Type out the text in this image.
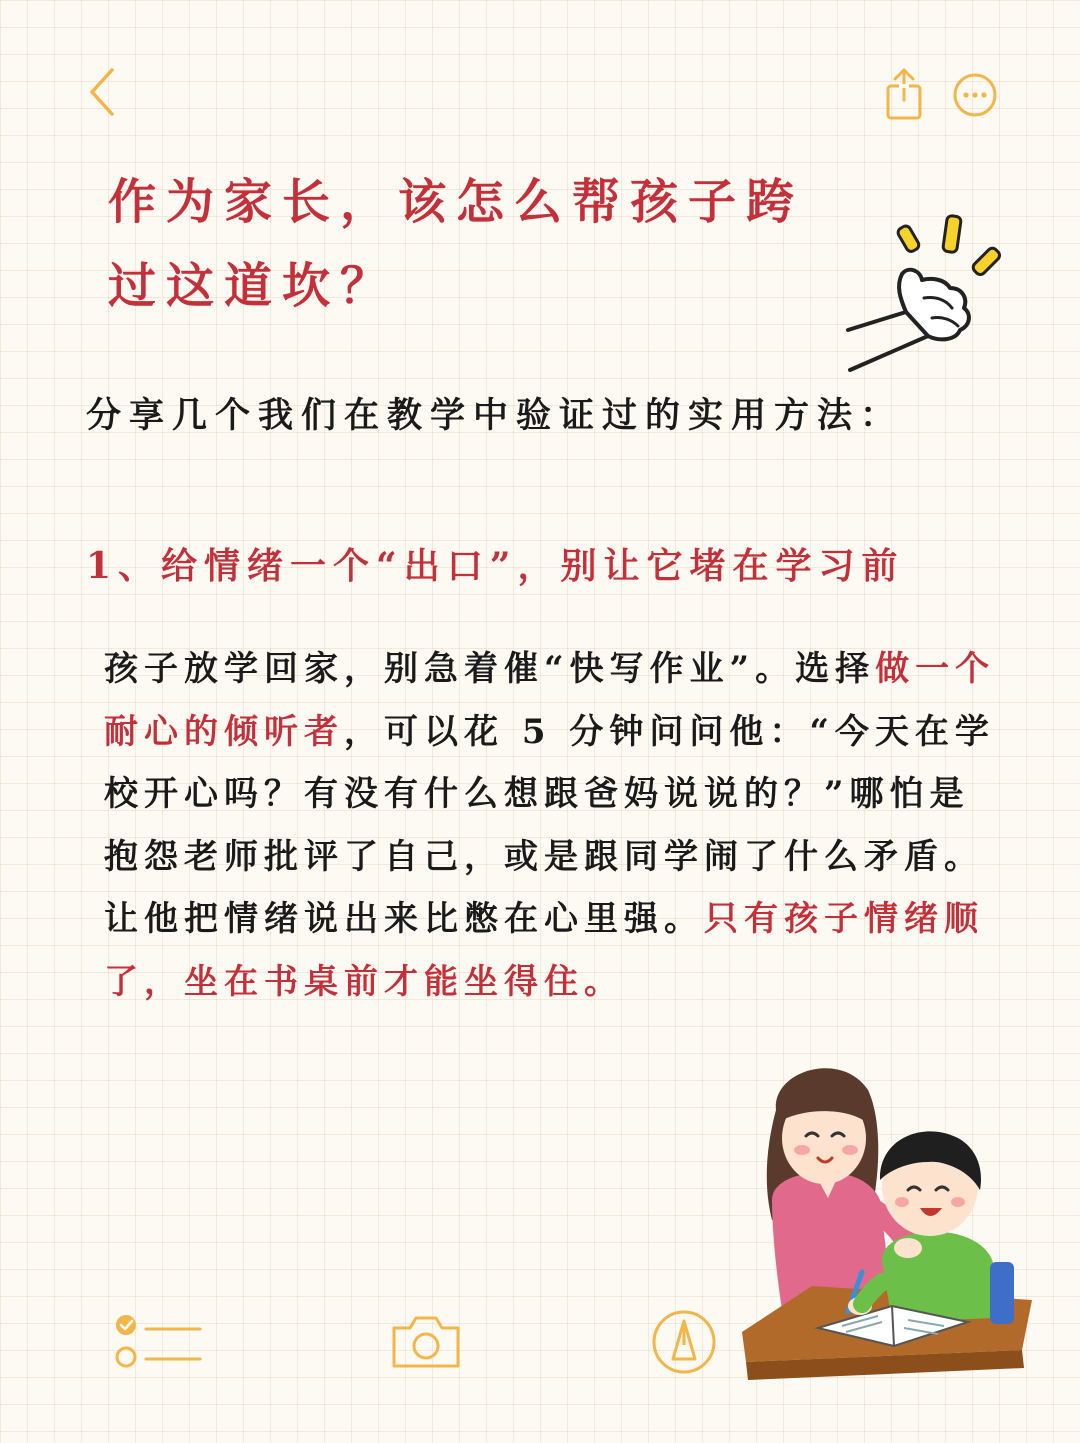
作为家长，该怎么帮孩子跨
过这道坎？
分享几个我们在教学中验证过的实用方法：
1、给情绪一个“出口”，别让它堵在学习前
孩子放学回家，别急着催“快写作业”。选择做一个耐心的倾听者，可以花 5 分钟问问他：“今天在学校开心吗？有没有什么想跟爸妈说说的？”哪怕是抱怨老师批评了自己，或是跟同学闹了什么矛盾。让他把情绪说出来比憋在心里强。只有孩子情绪顺了，坐在书桌前才能坐得住。
